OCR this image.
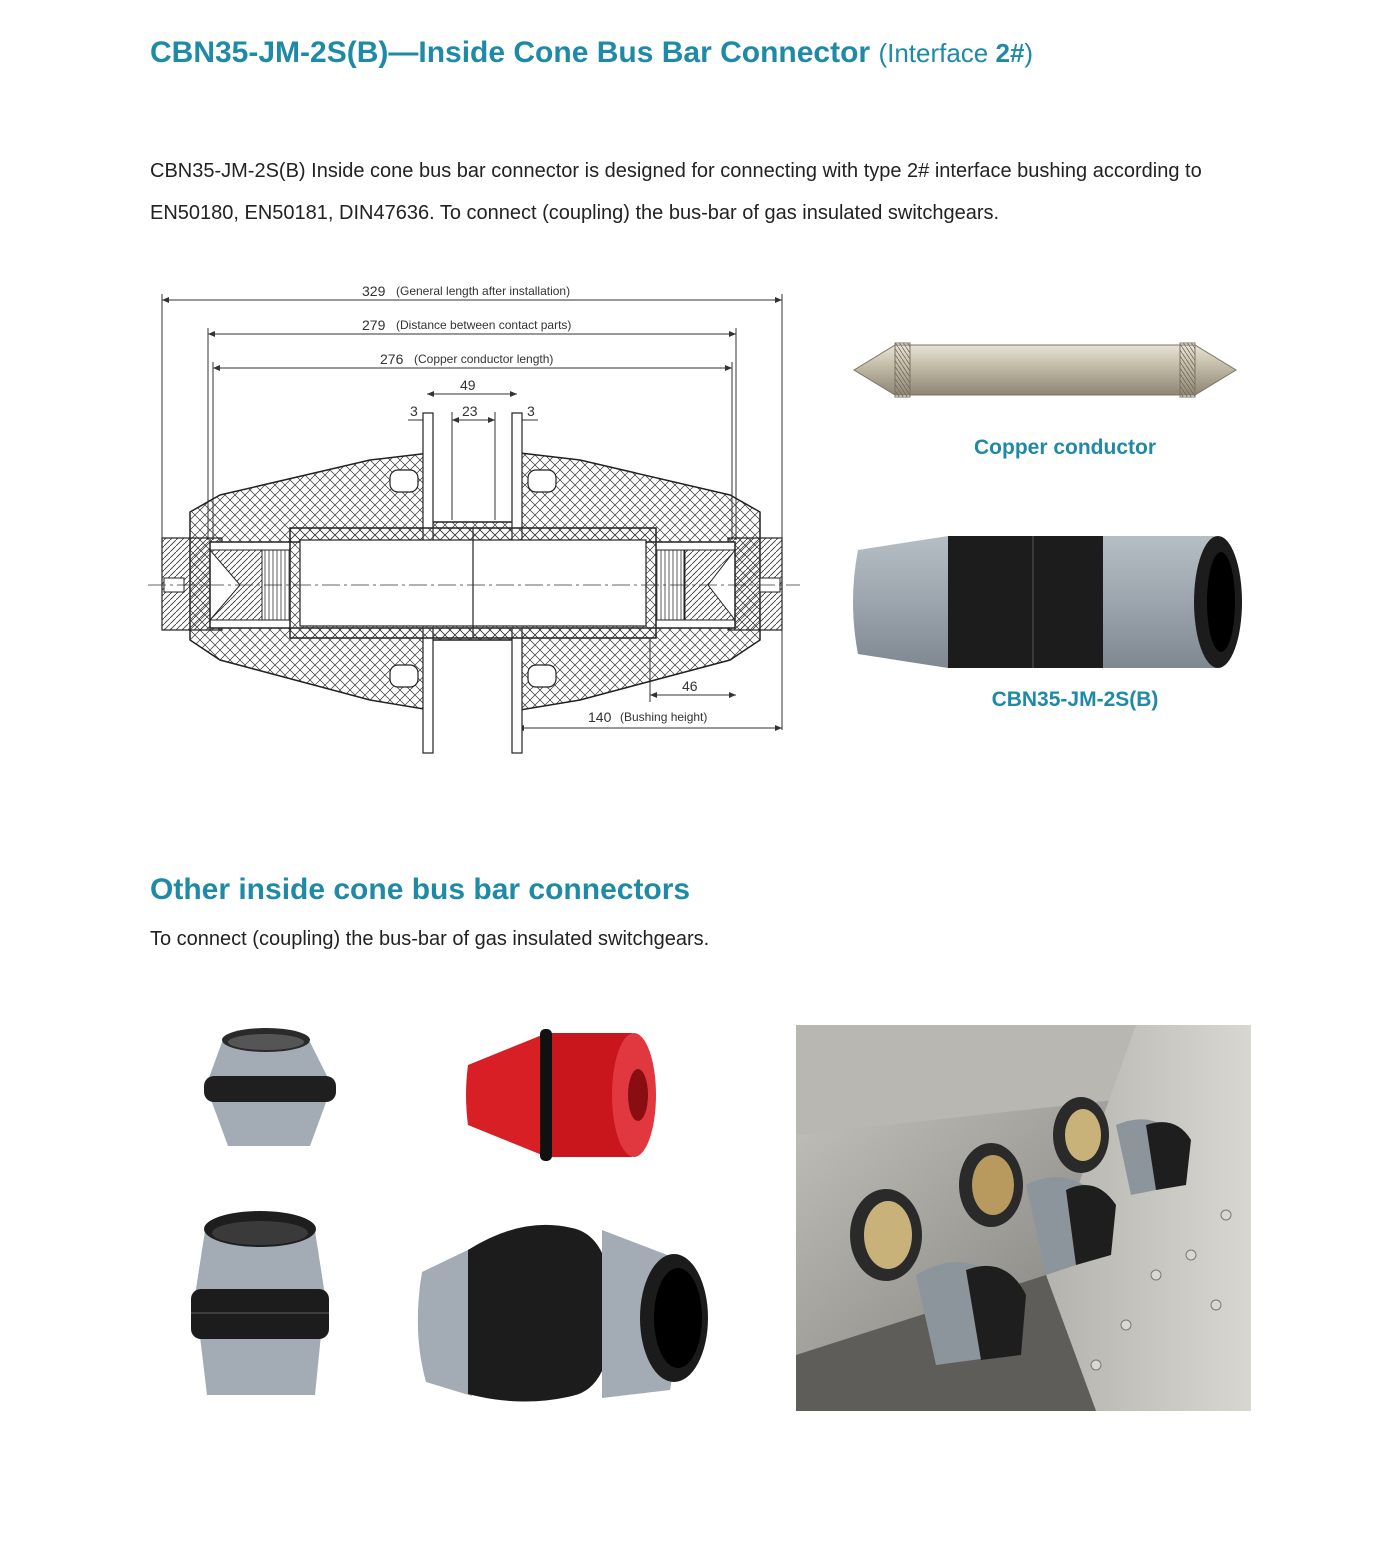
CBN35-JM-2S(B)—Inside Cone Bus Bar Connector (Interface 2#)
CBN35-JM-2S(B) Inside cone bus bar connector is designed for connecting with type 2# interface bushing according to EN50180, EN50181, DIN47636. To connect (coupling) the bus-bar of gas insulated switchgears.
329 (General length after installation)
279 (Distance between contact parts)
276 (Copper conductor length)
49
23
3	3
46
140 (Bushing height)
Copper conductor
CBN35-JM-2S(B)
Other inside cone bus bar connectors
To connect (coupling) the bus-bar of gas insulated switchgears.
